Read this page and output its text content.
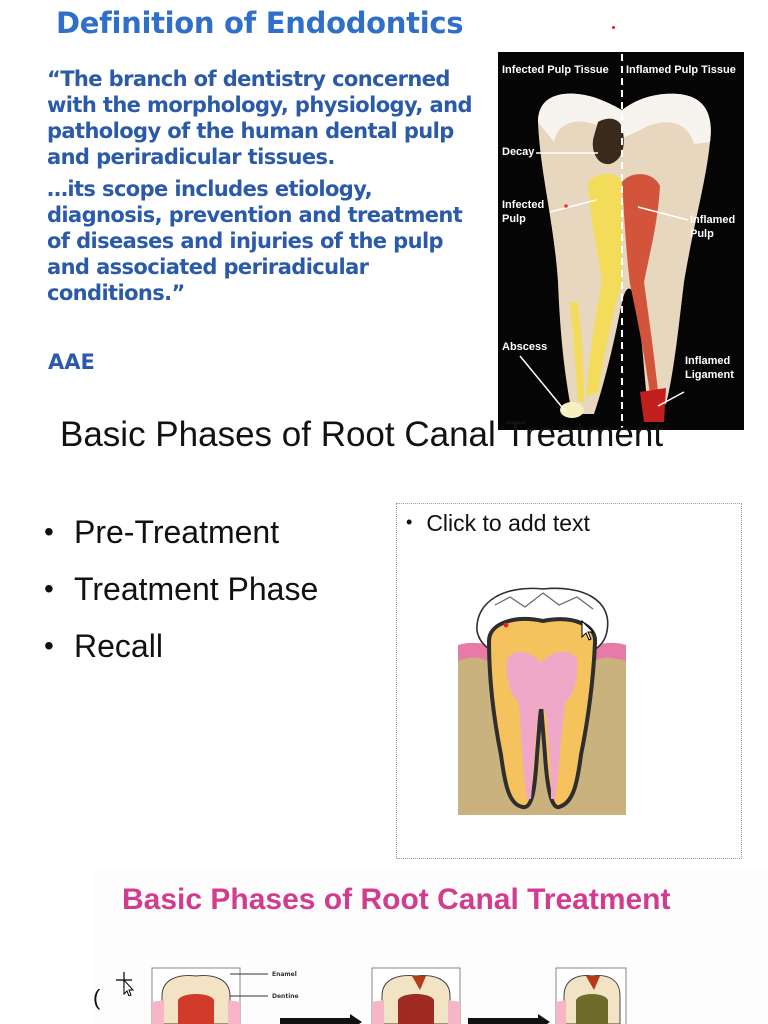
Definition of Endodontics

“The branch of dentistry concerned with the morphology, physiology, and pathology of the human dental pulp and periradicular tissues.

…its scope includes etiology, diagnosis, prevention and treatment of diseases and injuries of the pulp and associated periradicular conditions.”

AAE
Infected Pulp Tissue Inflamed Pulp Tissue
Decay
Infected
Pulp	Inflamed
Pulp
Abscess
Inflamed
Ligament
Basic Phases of Root Canal Treatment
• Pre-Treatment
• Treatment Phase
• Recall
• Click to add text
Basic Phases of Root Canal Treatment
(
Enamel
Dentine
